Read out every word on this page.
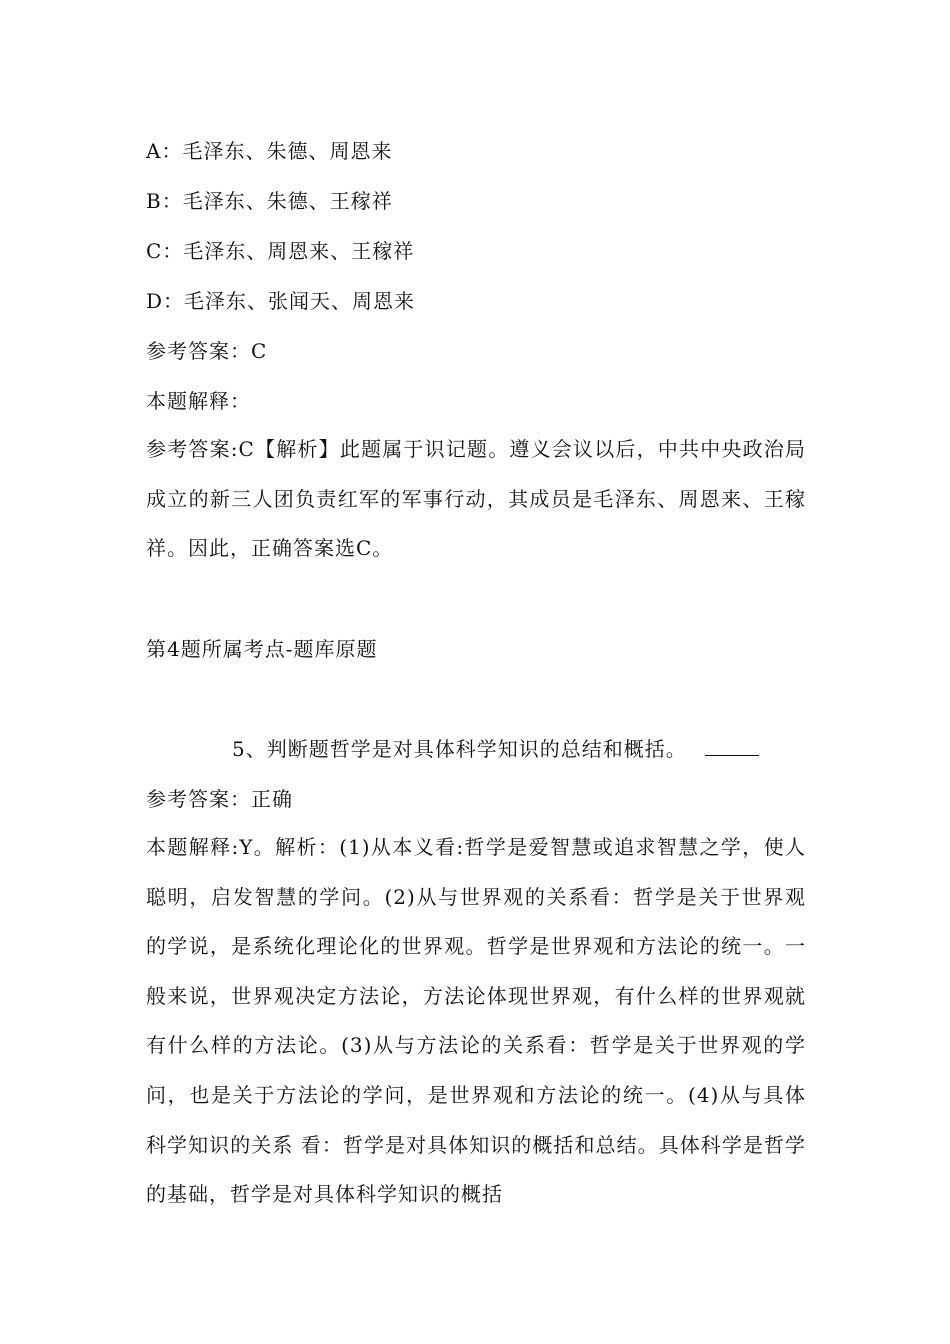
A：毛泽东、朱德、周恩来
B：毛泽东、朱德、王稼祥
C：毛泽东、周恩来、王稼祥
D：毛泽东、张闻天、周恩来
参考答案：C
本题解释：
参考答案:C【解析】此题属于识记题。遵义会议以后，中共中央政治局成立的新三人团负责红军的军事行动，其成员是毛泽东、周恩来、王稼祥。因此，正确答案选C。
第4题所属考点-题库原题
5、判断题哲学是对具体科学知识的总结和概括。
参考答案：正确
本题解释:Y。解析：(1)从本义看:哲学是爱智慧或追求智慧之学，使人聪明，启发智慧的学问。(2)从与世界观的关系看：哲学是关于世界观的学说，是系统化理论化的世界观。哲学是世界观和方法论的统一。一般来说，世界观决定方法论，方法论体现世界观，有什么样的世界观就有什么样的方法论。(3)从与方法论的关系看：哲学是关于世界观的学问，也是关于方法论的学问，是世界观和方法论的统一。(4)从与具体科学知识的关系 看：哲学是对具体知识的概括和总结。具体科学是哲学的基础，哲学是对具体科学知识的概括
